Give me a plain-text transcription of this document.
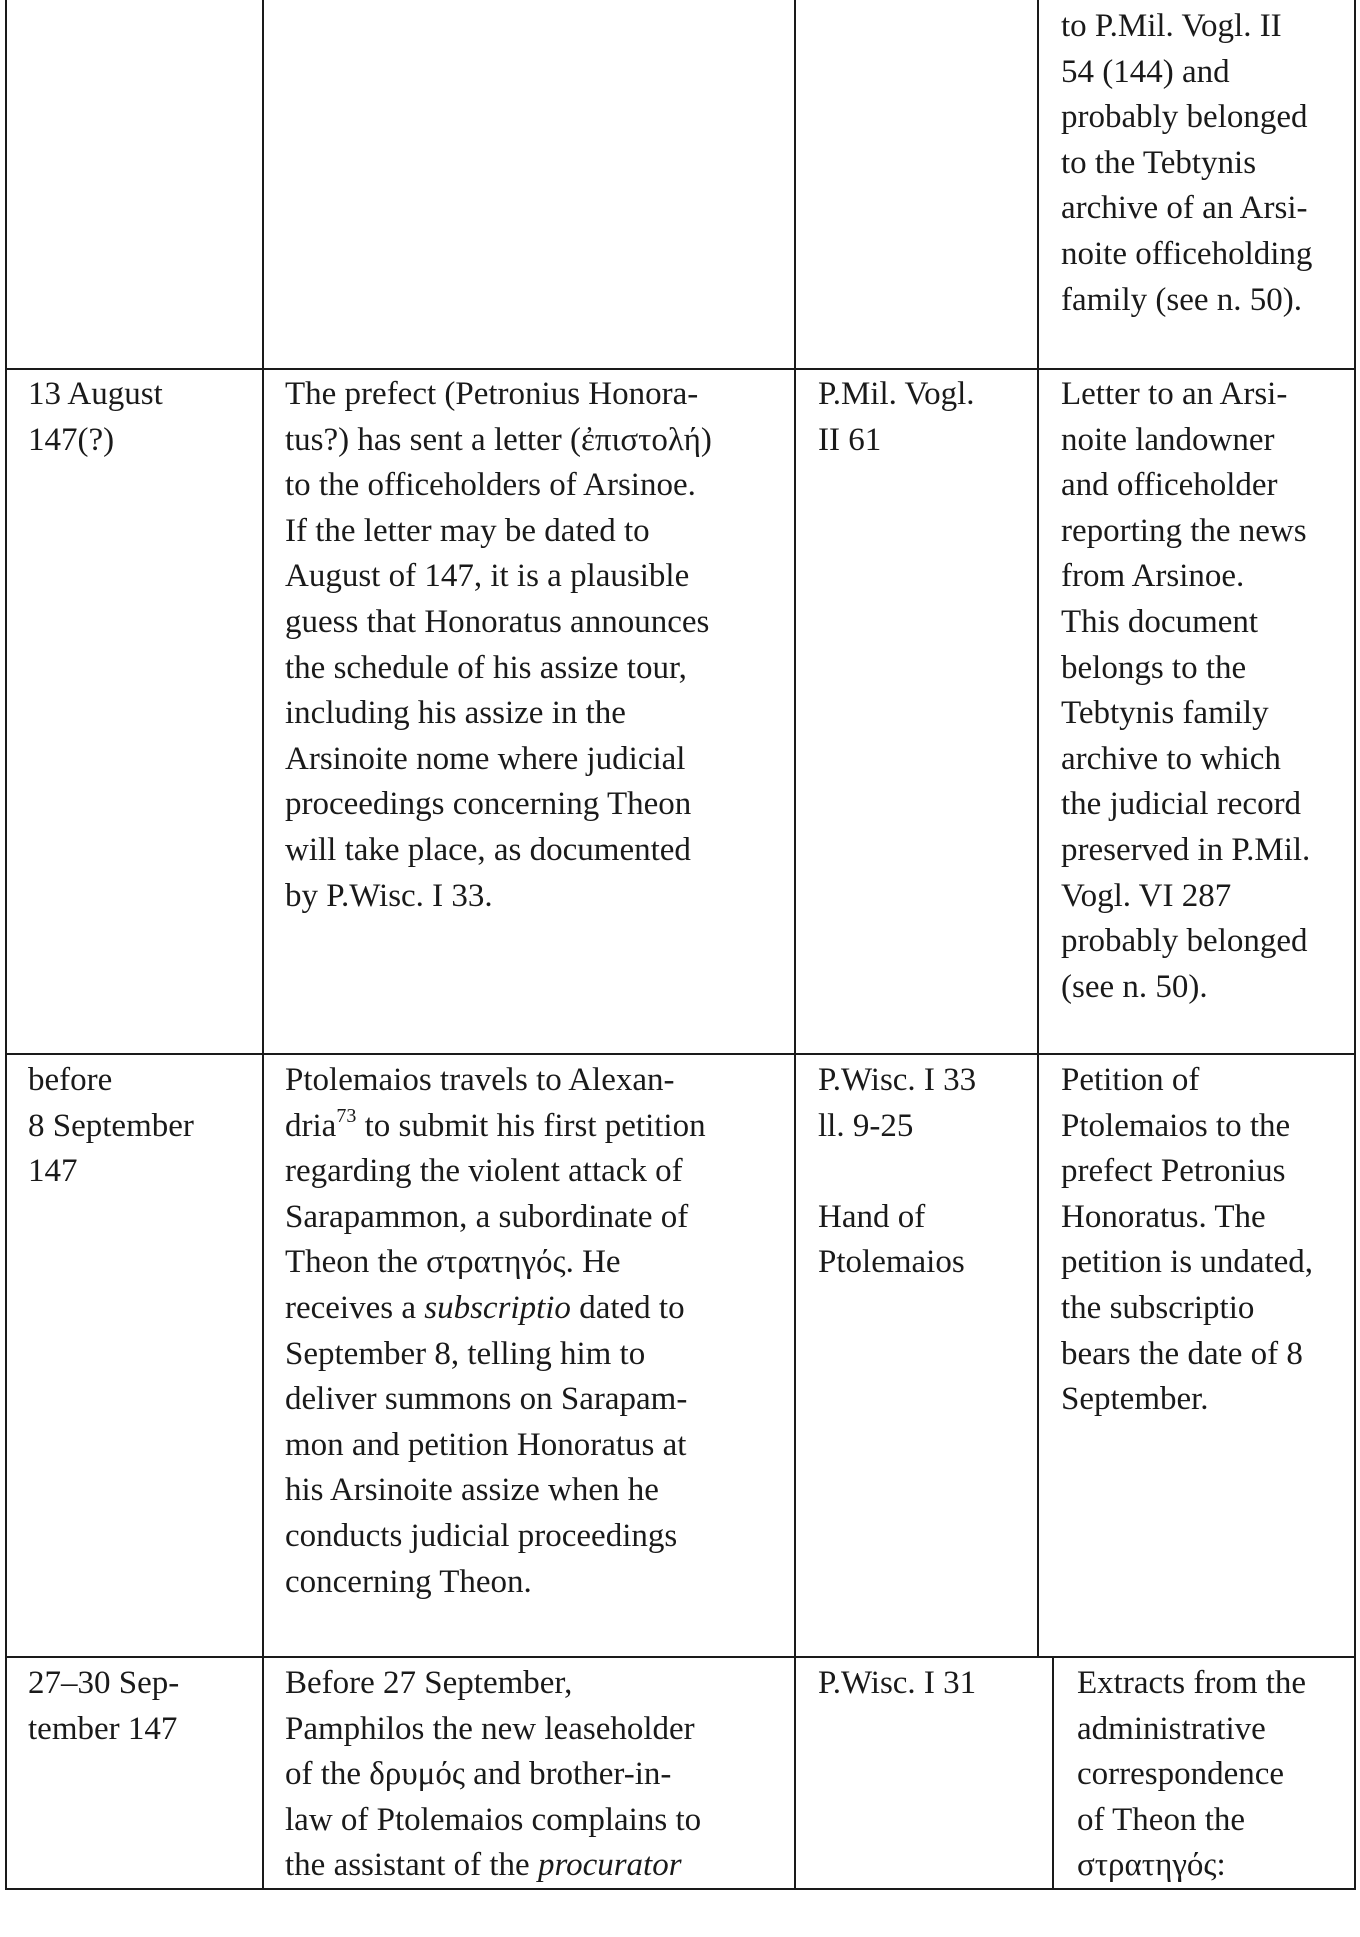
to P.Mil. Vogl. II
54 (144) and
probably belonged
to the Tebtynis
archive of an Arsi-
noite officeholding
family (see n. 50).
13 August
147(?)
The prefect (Petronius Honora-
tus?) has sent a letter (ἐπιστολή)
to the officeholders of Arsinoe.
If the letter may be dated to
August of 147, it is a plausible
guess that Honoratus announces
the schedule of his assize tour,
including his assize in the
Arsinoite nome where judicial
proceedings concerning Theon
will take place, as documented
by P.Wisc. I 33.
P.Mil. Vogl.
II 61
Letter to an Arsi-
noite landowner
and officeholder
reporting the news
from Arsinoe.
This document
belongs to the
Tebtynis family
archive to which
the judicial record
preserved in P.Mil.
Vogl. VI 287
probably belonged
(see n. 50).
before
8 September
147
Ptolemaios travels to Alexan-
dria$^{73}$ to submit his first petition
regarding the violent attack of
Sarapammon, a subordinate of
Theon the στρατηγός. He
receives a subscriptio dated to
September 8, telling him to
deliver summons on Sarapam-
mon and petition Honoratus at
his Arsinoite assize when he
conducts judicial proceedings
concerning Theon.
P.Wisc. I 33
ll. 9-25
Hand of
Ptolemaios
Petition of
Ptolemaios to the
prefect Petronius
Honoratus. The
petition is undated,
the subscriptio
bears the date of 8
September.
27–30 Sep-
tember 147
Before 27 September,
Pamphilos the new leaseholder
of the δρυμός and brother-in-
law of Ptolemaios complains to
the assistant of the procurator
P.Wisc. I 31	Extracts from the
administrative
correspondence
of Theon the
στρατηγός:
